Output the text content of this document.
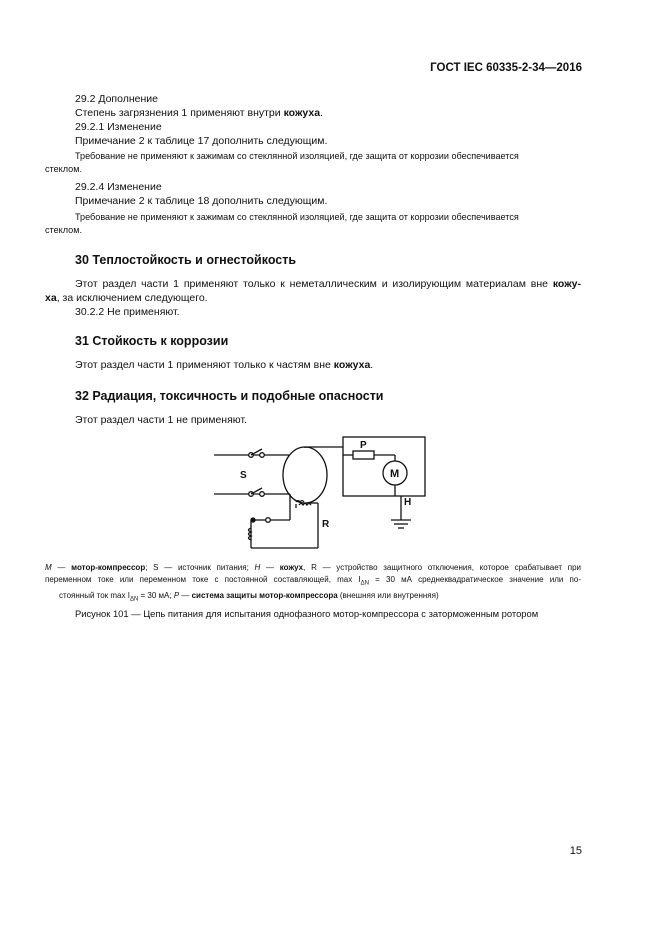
ГОСТ IEC 60335-2-34—2016
29.2 Дополнение
Степень загрязнения 1 применяют внутри кожуха.
29.2.1 Изменение
Примечание 2 к таблице 17 дополнить следующим.
Требование не применяют к зажимам со стеклянной изоляцией, где защита от коррозии обеспечивается
стеклом.
29.2.4 Изменение
Примечание 2 к таблице 18 дополнить следующим.
Требование не применяют к зажимам со стеклянной изоляцией, где защита от коррозии обеспечивается
стеклом.
30 Теплостойкость и огнестойкость
Этот раздел части 1 применяют только к неметаллическим и изолирующим материалам вне кожу-
ха, за исключением следующего.
30.2.2 Не применяют.
31 Стойкость к коррозии
Этот раздел части 1 применяют только к частям вне кожуха.
32 Радиация, токсичность и подобные опасности
Этот раздел части 1 не применяют.
S
P
M
H
R
M — мотор-компрессор; S — источник питания; H — кожух, R — устройство защитного отключения, которое срабатывает при
переменном токе или переменном токе с постоянной составляющей, $\max I_{\Delta N} = 30$ мА среднеквадратическое значение или по-
стоянный ток $\max I_{\Delta N} = 30$ мА; P — система защиты мотор-компрессора (внешняя или внутренняя)
Рисунок 101 — Цепь питания для испытания однофазного мотор-компрессора с заторможенным ротором
15
